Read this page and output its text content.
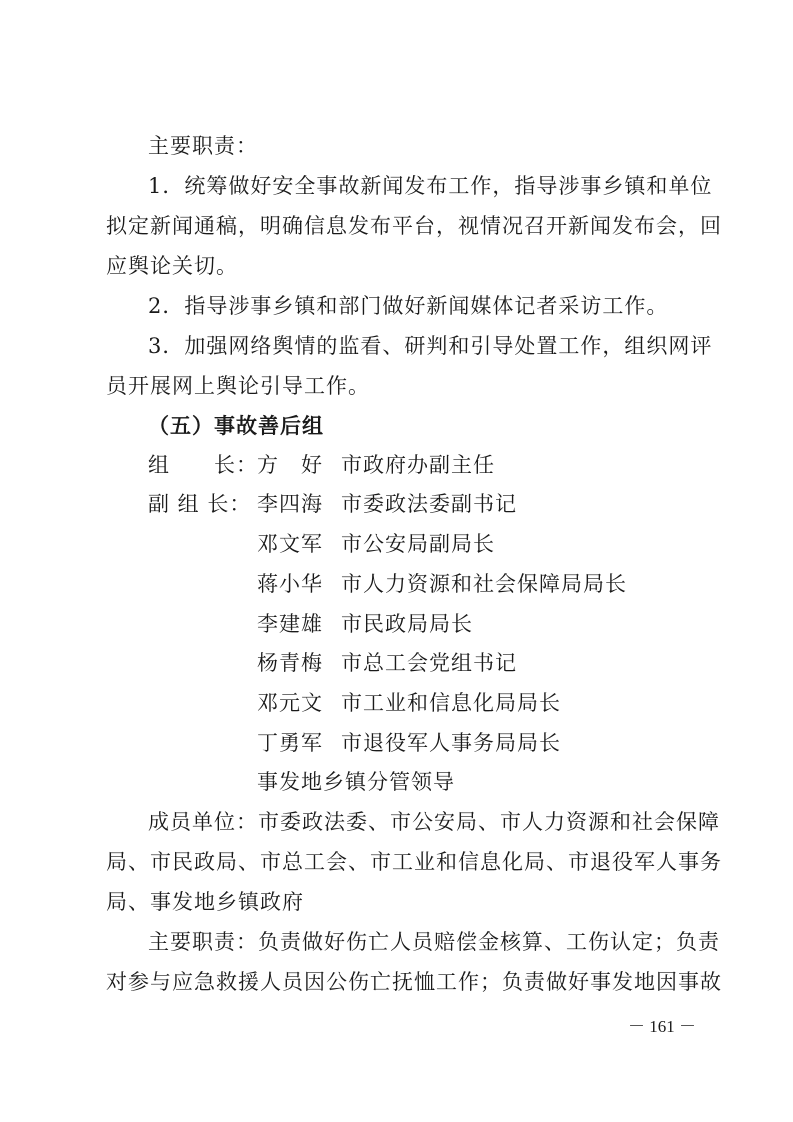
主要职责：
1．统筹做好安全事故新闻发布工作，指导涉事乡镇和单位
拟定新闻通稿，明确信息发布平台，视情况召开新闻发布会，回
应舆论关切。
2．指导涉事乡镇和部门做好新闻媒体记者采访工作。
3．加强网络舆情的监看、研判和引导处置工作，组织网评
员开展网上舆论引导工作。
（五）事故善后组
组　　长： 方　好 市政府办副主任
副 组 长： 李四海 市委政法委副书记
邓文军 市公安局副局长
蒋小华 市人力资源和社会保障局局长
李建雄 市民政局局长
杨青梅 市总工会党组书记
邓元文 市工业和信息化局局长
丁勇军 市退役军人事务局局长
事发地乡镇分管领导
成员单位：市委政法委、市公安局、市人力资源和社会保障
局、市民政局、市总工会、市工业和信息化局、市退役军人事务
局、事发地乡镇政府
主要职责：负责做好伤亡人员赔偿金核算、工伤认定；负责
对参与应急救援人员因公伤亡抚恤工作；负责做好事发地因事故
－ 161 －
